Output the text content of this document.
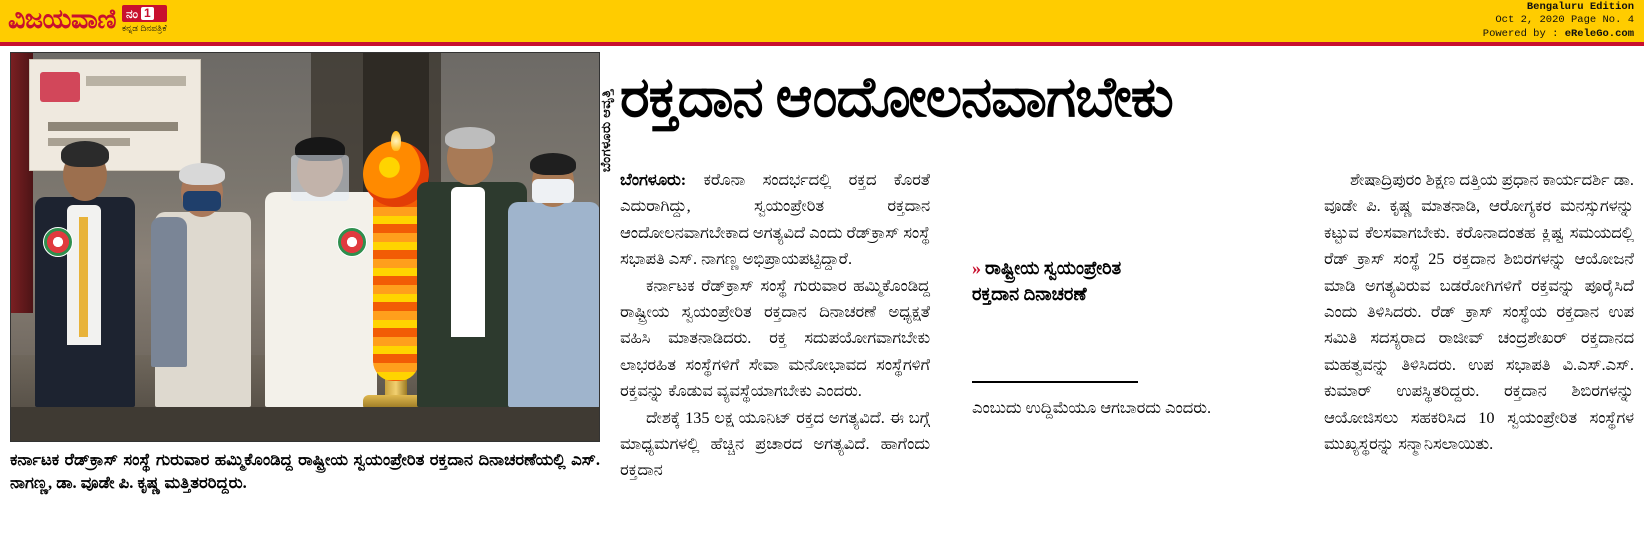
ವಿಜಯವಾಣಿ ನಂ 1
ಕನ್ನಡ ದಿನಪತ್ರಿಕೆ
Bengaluru Edition
Oct 2, 2020 Page No. 4
Powered by : eReleGo.com
ಕರ್ನಾಟಕ ರೆಡ್‌ಕ್ರಾಸ್ ಸಂಸ್ಥೆ ಗುರುವಾರ ಹಮ್ಮಿಕೊಂಡಿದ್ದ ರಾಷ್ಟ್ರೀಯ ಸ್ವಯಂಪ್ರೇರಿತ ರಕ್ತದಾನ ದಿನಾಚರಣೆಯಲ್ಲಿ ಎಸ್. ನಾಗಣ್ಣ, ಡಾ. ವೂಡೇ ಪಿ. ಕೃಷ್ಣ ಮತ್ತಿತರರಿದ್ದರು.
ಬೆಂಗಳೂರು ಆವೃತ್ತಿ ರಕ್ತದಾನ ಆಂದೋಲನವಾಗಬೇಕು

ಬೆಂಗಳೂರು: ಕರೊನಾ ಸಂದರ್ಭದಲ್ಲಿ ರಕ್ತದ ಕೊರತೆ ಎದುರಾಗಿದ್ದು, ಸ್ವಯಂಪ್ರೇರಿತ ರಕ್ತದಾನ ಆಂದೋಲನವಾಗಬೇಕಾದ ಅಗತ್ಯವಿದೆ ಎಂದು ರೆಡ್‌ಕ್ರಾಸ್ ಸಂಸ್ಥೆ ಸಭಾಪತಿ ಎಸ್. ನಾಗಣ್ಣ ಅಭಿಪ್ರಾಯಪಟ್ಟಿದ್ದಾರೆ.

ಕರ್ನಾಟಕ ರೆಡ್‌ಕ್ರಾಸ್ ಸಂಸ್ಥೆ ಗುರುವಾರ ಹಮ್ಮಿಕೊಂಡಿದ್ದ ರಾಷ್ಟ್ರೀಯ ಸ್ವಯಂಪ್ರೇರಿತ ರಕ್ತದಾನ ದಿನಾಚರಣೆ ಅಧ್ಯಕ್ಷತೆ ವಹಿಸಿ ಮಾತನಾಡಿದರು. ರಕ್ತ ಸದುಪಯೋಗವಾಗಬೇಕು ಲಾಭರಹಿತ ಸಂಸ್ಥೆಗಳಿಗೆ ಸೇವಾ ಮನೋಭಾವದ ಸಂಸ್ಥೆಗಳಿಗೆ ರಕ್ತವನ್ನು ಕೊಡುವ ವ್ಯವಸ್ಥೆಯಾಗಬೇಕು ಎಂದರು.

ದೇಶಕ್ಕೆ 135 ಲಕ್ಷ ಯೂನಿಟ್ ರಕ್ತದ ಅಗತ್ಯವಿದೆ. ಈ ಬಗ್ಗೆ ಮಾಧ್ಯಮಗಳಲ್ಲಿ ಹೆಚ್ಚಿನ ಪ್ರಚಾರದ ಅಗತ್ಯವಿದೆ. ಹಾಗೆಂದು ರಕ್ತದಾನ

» ರಾಷ್ಟ್ರೀಯ ಸ್ವಯಂಪ್ರೇರಿತ ರಕ್ತದಾನ ದಿನಾಚರಣೆ
ಎಂಬುದು ಉದ್ದಿಮೆಯೂ ಆಗಬಾರದು ಎಂದರು.

ಶೇಷಾದ್ರಿಪುರಂ ಶಿಕ್ಷಣ ದತ್ತಿಯ ಪ್ರಧಾನ ಕಾರ್ಯದರ್ಶಿ ಡಾ. ವೂಡೇ ಪಿ. ಕೃಷ್ಣ ಮಾತನಾಡಿ, ಆರೋಗ್ಯಕರ ಮನಸ್ಸುಗಳನ್ನು ಕಟ್ಟುವ ಕೆಲಸವಾಗಬೇಕು. ಕರೊನಾದಂತಹ ಕ್ಲಿಷ್ಟ ಸಮಯದಲ್ಲಿ ರೆಡ್ ಕ್ರಾಸ್ ಸಂಸ್ಥೆ 25 ರಕ್ತದಾನ ಶಿಬಿರಗಳನ್ನು ಆಯೋಜನೆ ಮಾಡಿ ಅಗತ್ಯವಿರುವ ಬಡರೋಗಿಗಳಿಗೆ ರಕ್ತವನ್ನು ಪೂರೈಸಿದೆ ಎಂದು ತಿಳಿಸಿದರು. ರೆಡ್ ಕ್ರಾಸ್ ಸಂಸ್ಥೆಯ ರಕ್ತದಾನ ಉಪ ಸಮಿತಿ ಸದಸ್ಯರಾದ ರಾಜೀವ್ ಚಂದ್ರಶೇಖರ್ ರಕ್ತದಾನದ ಮಹತ್ವವನ್ನು ತಿಳಿಸಿದರು. ಉಪ ಸಭಾಪತಿ ವಿ.ಎಸ್.ಎಸ್. ಕುಮಾರ್ ಉಪಸ್ಥಿತರಿದ್ದರು. ರಕ್ತದಾನ ಶಿಬಿರಗಳನ್ನು ಆಯೋಜಿಸಲು ಸಹಕರಿಸಿದ 10 ಸ್ವಯಂಪ್ರೇರಿತ ಸಂಸ್ಥೆಗಳ ಮುಖ್ಯಸ್ಥರನ್ನು ಸನ್ಮಾನಿಸಲಾಯಿತು.
